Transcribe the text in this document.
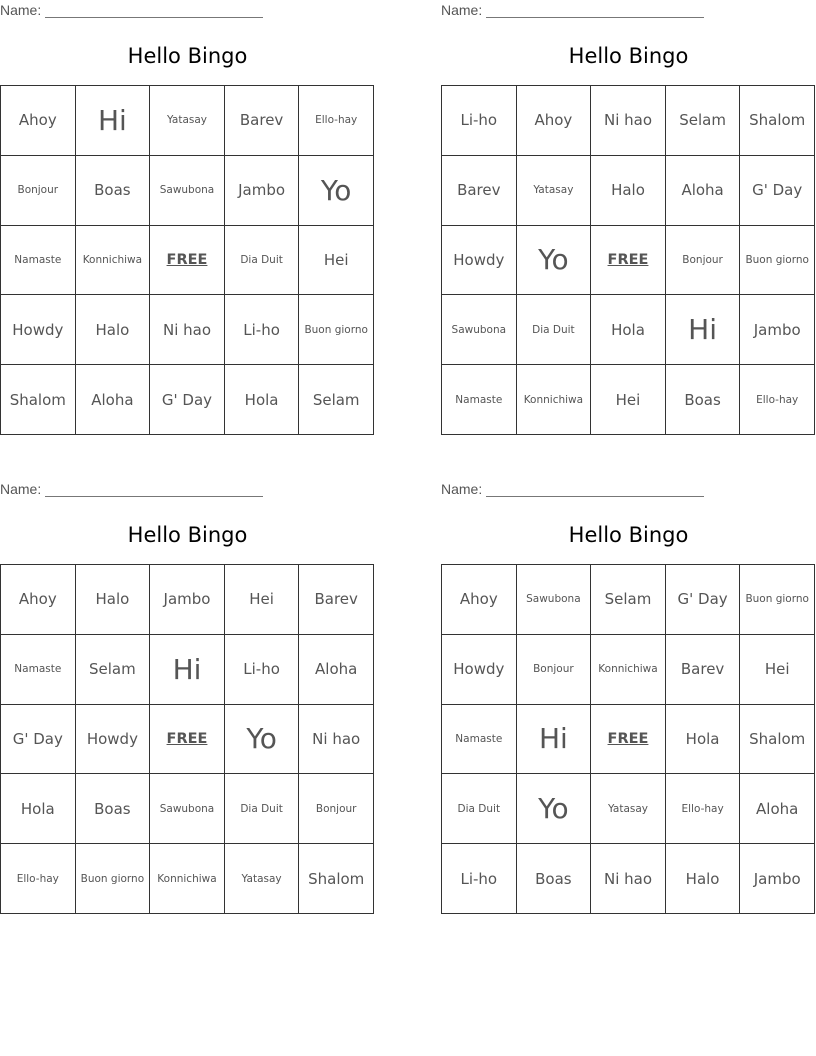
Name:
Hello Bingo
Ahoy	Hi	Yatasay	Barev	Ello-hay
Bonjour	Boas	Sawubona	Jambo	Yo
Namaste	Konnichiwa	FREE	Dia Duit	Hei
Howdy	Halo	Ni hao	Li-ho	Buon giorno
Shalom	Aloha	G' Day	Hola	Selam
Name:
Hello Bingo
Li-ho	Ahoy	Ni hao	Selam	Shalom
Barev	Yatasay	Halo	Aloha	G' Day
Howdy	Yo	FREE	Bonjour	Buon giorno
Sawubona	Dia Duit	Hola	Hi	Jambo
Namaste	Konnichiwa	Hei	Boas	Ello-hay
Name:
Hello Bingo
Ahoy	Halo	Jambo	Hei	Barev
Namaste	Selam	Hi	Li-ho	Aloha
G' Day	Howdy	FREE	Yo	Ni hao
Hola	Boas	Sawubona	Dia Duit	Bonjour
Ello-hay	Buon giorno	Konnichiwa	Yatasay	Shalom
Name:
Hello Bingo
Ahoy	Sawubona	Selam	G' Day	Buon giorno
Howdy	Bonjour	Konnichiwa	Barev	Hei
Namaste	Hi	FREE	Hola	Shalom
Dia Duit	Yo	Yatasay	Ello-hay	Aloha
Li-ho	Boas	Ni hao	Halo	Jambo
